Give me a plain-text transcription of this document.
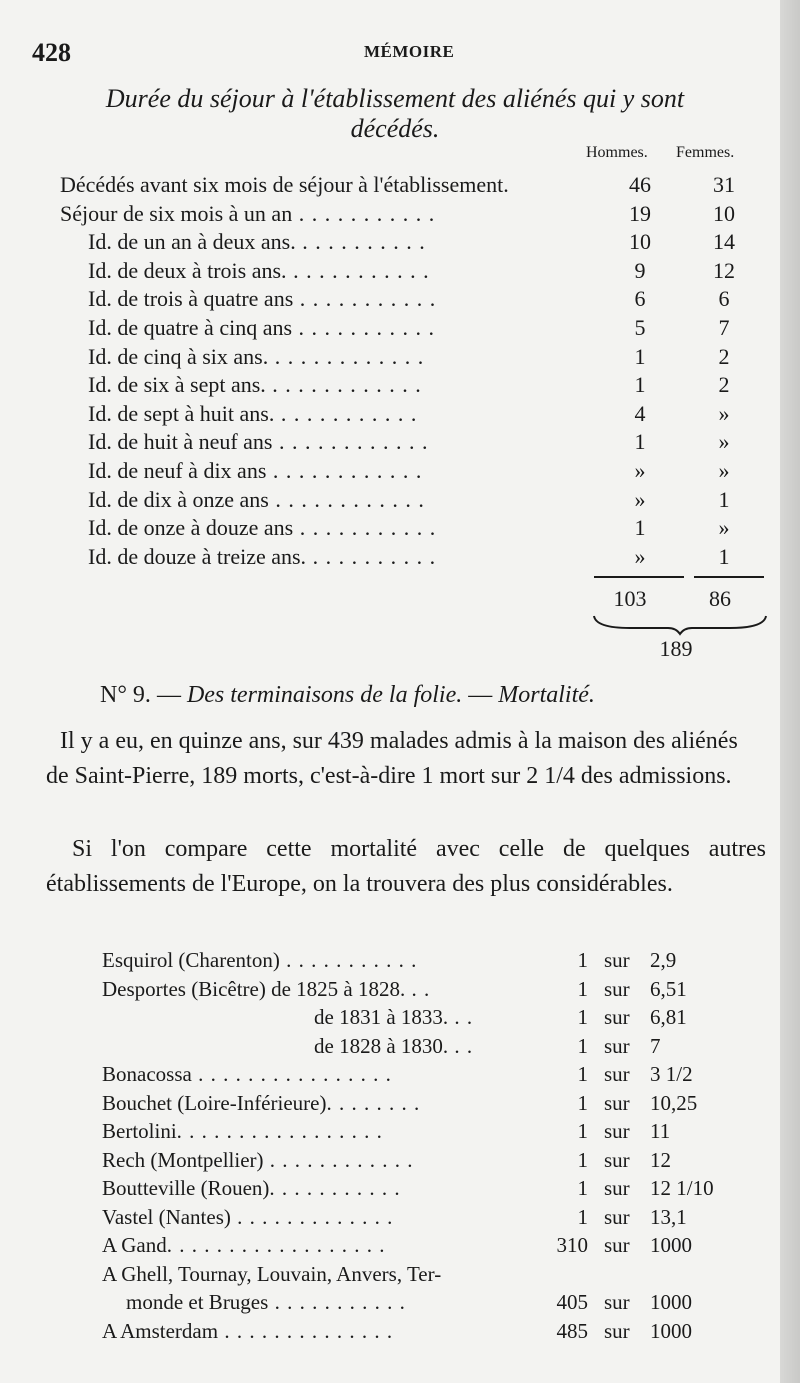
428	MÉMOIRE
Durée du séjour à l'établissement des aliénés qui y sont
décédés.
Hommes. Femmes.
Décédés avant six mois de séjour à l'établissement.	46	31
Séjour de six mois à un an . . . . . . . . . . .	19	10
Id. de un an à deux ans. . . . . . . . . . .	10	14
Id. de deux à trois ans. . . . . . . . . . . .	9	12
Id. de trois à quatre ans . . . . . . . . . . .	6	6
Id. de quatre à cinq ans . . . . . . . . . . .	5	7
Id. de cinq à six ans. . . . . . . . . . . . .	1	2
Id. de six à sept ans. . . . . . . . . . . . .	1	2
Id. de sept à huit ans. . . . . . . . . . . .	4	»
Id. de huit à neuf ans . . . . . . . . . . . .	1	»
Id. de neuf à dix ans . . . . . . . . . . . .	»	»
Id. de dix à onze ans . . . . . . . . . . . .	»	1
Id. de onze à douze ans . . . . . . . . . . .	1	»
Id. de douze à treize ans. . . . . . . . . . .	»	1
103	86
189
N° 9. — Des terminaisons de la folie. — Mortalité.
Il y a eu, en quinze ans, sur 439 malades admis à la maison des aliénés de Saint-Pierre, 189 morts, c'est-à-dire 1 mort sur 2 1/4 des admissions.
Si l'on compare cette mortalité avec celle de quelques autres établissements de l'Europe, on la trouvera des plus considérables.
Esquirol (Charenton) . . . . . . . . . . .	1 sur 2,9
Desportes (Bicêtre) de 1825 à 1828. . .	1 sur 6,51
de 1831 à 1833. . .	1 sur 6,81
de 1828 à 1830. . .	1 sur 7
Bonacossa . . . . . . . . . . . . . . . .	1 sur 3 1/2
Bouchet (Loire-Inférieure). . . . . . . .	1 sur 10,25
Bertolini. . . . . . . . . . . . . . . . .	1 sur 11
Rech (Montpellier) . . . . . . . . . . . .	1 sur 12
Boutteville (Rouen). . . . . . . . . . .	1 sur 12 1/10
Vastel (Nantes) . . . . . . . . . . . . .	1 sur 13,1
A Gand. . . . . . . . . . . . . . . . . .	310 sur 1000
A Ghell, Tournay, Louvain, Anvers, Ter-
monde et Bruges . . . . . . . . . . .	405 sur 1000
A Amsterdam . . . . . . . . . . . . . .	485 sur 1000
